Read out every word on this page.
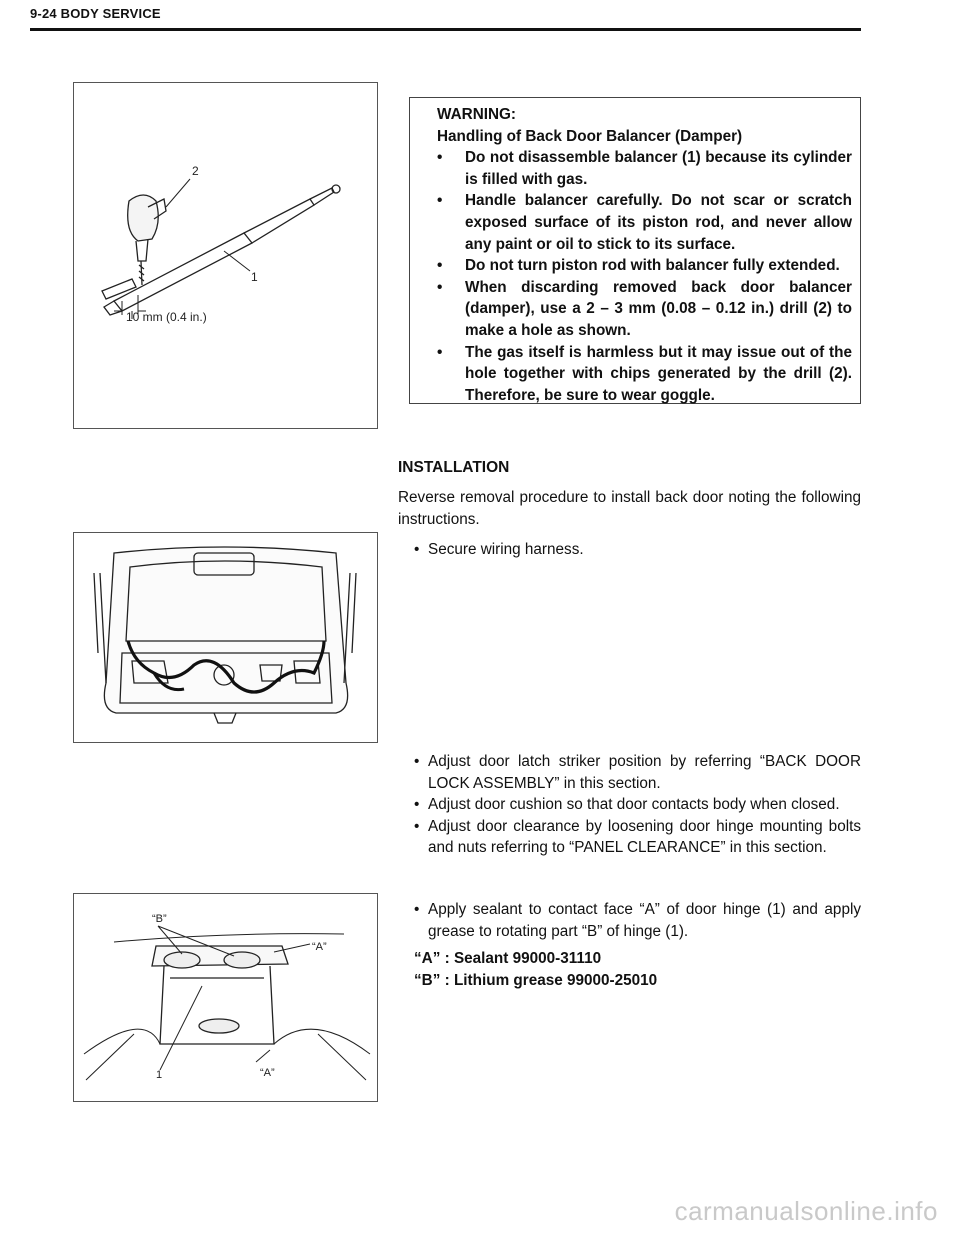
9-24 BODY SERVICE
2
1
10 mm (0.4 in.)

WARNING:

Handling of Back Door Balancer (Damper)

•	Do not disassemble balancer (1) because its cylinder is filled with gas.
•	Handle balancer carefully. Do not scar or scratch exposed surface of its piston rod, and never allow any paint or oil to stick to its surface.
•	Do not turn piston rod with balancer fully extended.
•	When discarding removed back door balancer (damper), use a 2 – 3 mm (0.08 – 0.12 in.) drill (2) to make a hole as shown.
•	The gas itself is harmless but it may issue out of the hole together with chips generated by the drill (2). Therefore, be sure to wear goggle.
INSTALLATION
Reverse removal procedure to install back door noting the following instructions.
• Secure wiring harness.
• Adjust door latch striker position by referring “BACK DOOR LOCK ASSEMBLY” in this section.
• Adjust door cushion so that door contacts body when closed.
• Adjust door clearance by loosening door hinge mounting bolts and nuts referring to “PANEL CLEARANCE” in this section.
“B”
“A”
“A”
1
• Apply sealant to contact face “A” of door hinge (1) and apply grease to rotating part “B” of hinge (1).
“A” : Sealant 99000-31110
“B” : Lithium grease 99000-25010
carmanualsonline.info
